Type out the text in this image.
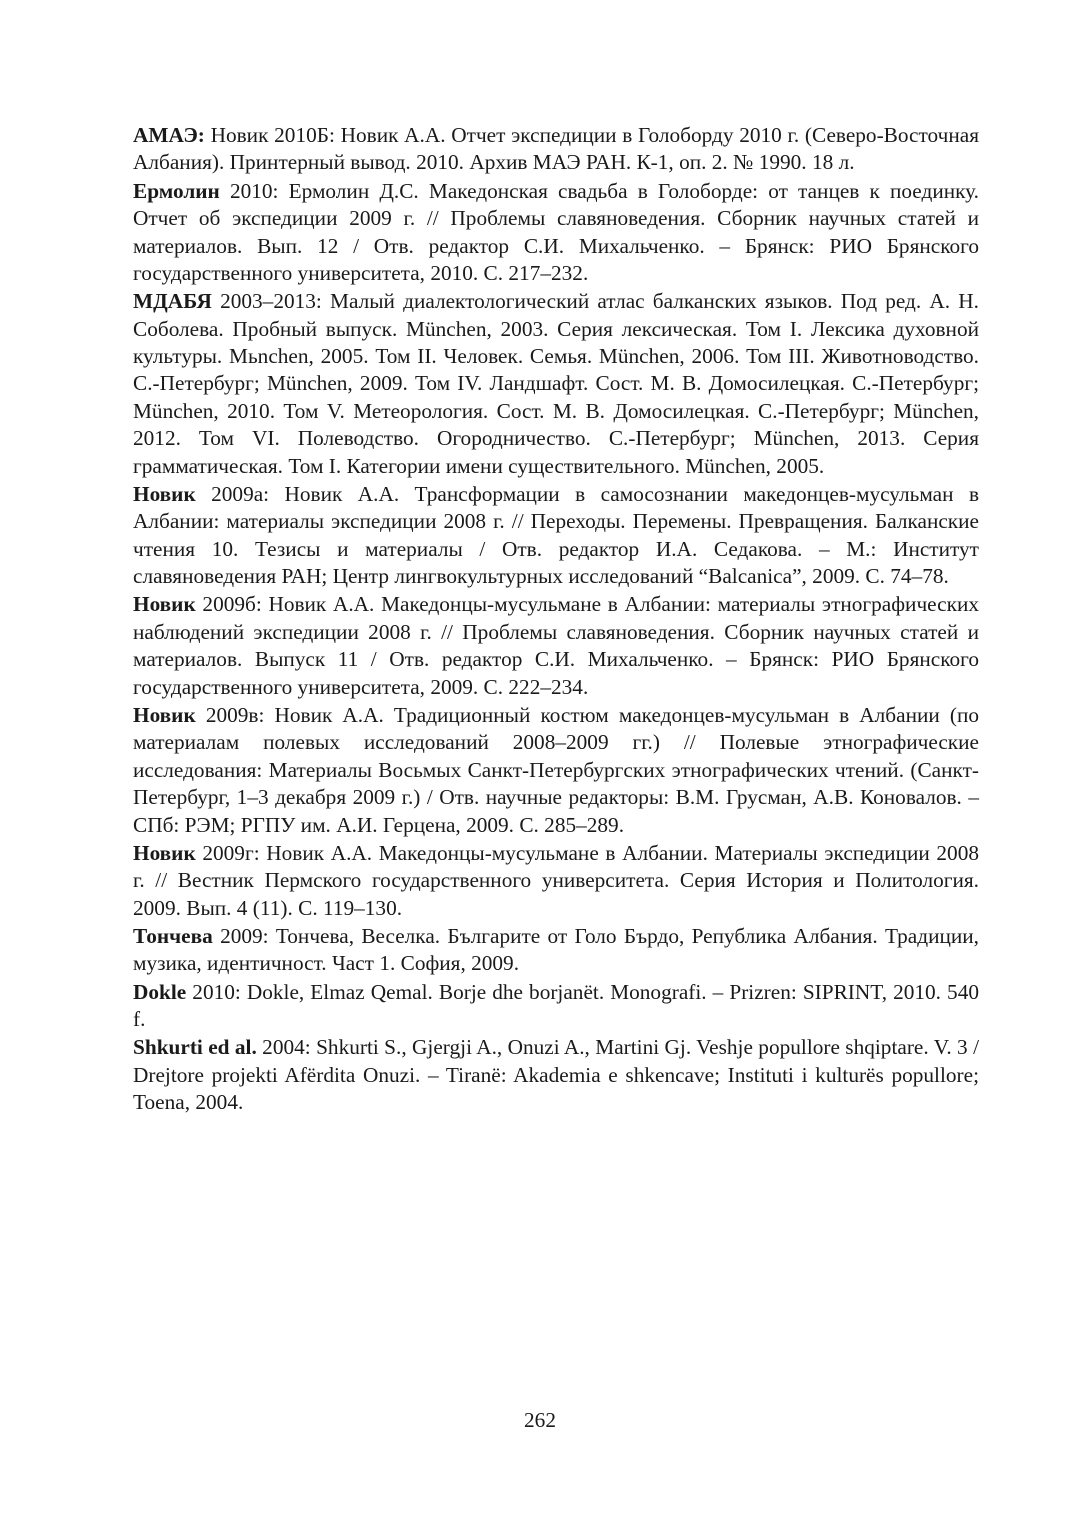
АМАЭ: Новик 2010Б: Новик А.А. Отчет экспедиции в Голоборду 2010 г. (Северо-Восточная Албания). Принтерный вывод. 2010. Архив МАЭ РАН. К-1, оп. 2. № 1990. 18 л.

Ермолин 2010: Ермолин Д.С. Македонская свадьба в Голоборде: от танцев к поединку. Отчет об экспедиции 2009 г. // Проблемы славяноведения. Сборник научных статей и материалов. Вып. 12 / Отв. редактор С.И. Михальченко. – Брянск: РИО Брянского государственного университета, 2010. С. 217–232.

МДАБЯ 2003–2013: Малый диалектологический атлас балканских языков. Под ред. А. Н. Соболева. Пробный выпуск. München, 2003. Серия лексическая. Том I. Лексика духовной культуры. Mьnchen, 2005. Том II. Человек. Семья. München, 2006. Том III. Животноводство. С.-Петербург; München, 2009. Том IV. Ландшафт. Сост. М. В. Домосилецкая. С.-Петербург; München, 2010. Том V. Метеорология. Сост. М. В. Домосилецкая. С.-Петербург; München, 2012. Том VI. Полеводство. Огородничество. С.-Петербург; München, 2013. Серия грамматическая. Том I. Категории имени существительного. München, 2005.

Новик 2009а: Новик А.А. Трансформации в самосознании македонцев-мусульман в Албании: материалы экспедиции 2008 г. // Переходы. Перемены. Превращения. Балканские чтения 10. Тезисы и материалы / Отв. редактор И.А. Седакова. – М.: Институт славяноведения РАН; Центр лингвокультурных исследований “Balcanica”, 2009. С. 74–78.

Новик 2009б: Новик А.А. Македонцы-мусульмане в Албании: материалы этнографических наблюдений экспедиции 2008 г. // Проблемы славяноведения. Сборник научных статей и материалов. Выпуск 11 / Отв. редактор С.И. Михальченко. – Брянск: РИО Брянского государственного университета, 2009. С. 222–234.

Новик 2009в: Новик А.А. Традиционный костюм македонцев-мусульман в Албании (по материалам полевых исследований 2008–2009 гг.) // Полевые этнографические исследования: Материалы Восьмых Санкт-Петербургских этнографических чтений. (Санкт-Петербург, 1–3 декабря 2009 г.) / Отв. научные редакторы: В.М. Грусман, А.В. Коновалов. – СПб: РЭМ; РГПУ им. А.И. Герцена, 2009. С. 285–289.

Новик 2009г: Новик А.А. Македонцы-мусульмане в Албании. Материалы экспедиции 2008 г. // Вестник Пермского государственного университета. Серия История и Политология. 2009. Вып. 4 (11). С. 119–130.

Тончева 2009: Тончева, Веселка. Българите от Голо Бърдо, Република Албания. Традиции, музика, идентичност. Част 1. София, 2009.

Dokle 2010: Dokle, Elmaz Qemal. Borje dhe borjanët. Monografi. – Prizren: SIPRINT, 2010. 540 f.

Shkurti ed al. 2004: Shkurti S., Gjergji A., Onuzi A., Martini Gj. Veshje popullore shqiptare. V. 3 / Drejtore projekti Afërdita Onuzi. – Tiranë: Akademia e shkencave; Instituti i kulturës popullore; Toena, 2004.

262
